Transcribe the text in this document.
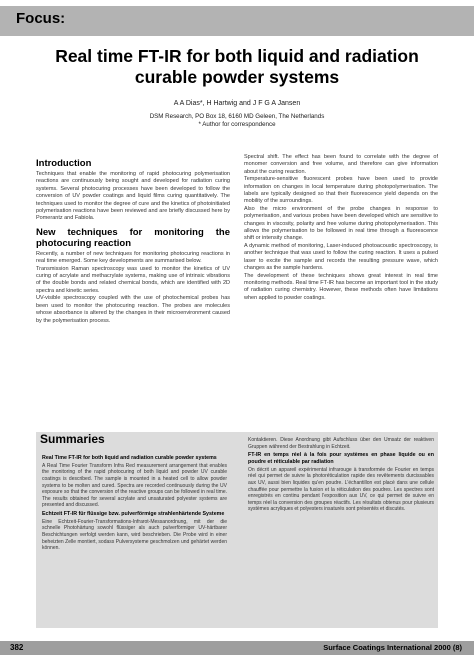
Focus:
Real time FT-IR for both liquid and radiation curable powder systems
A A Dias*, H Hartwig and J F G A Jansen
DSM Research, PO Box 18, 6160 MD Geleen, The Netherlands
* Author for correspondence
Introduction

Techniques that enable the monitoring of rapid photocuring polymerisation reactions are continuously being sought and developed for radiation curing systems. Several photocuring processes have been developed to follow the conversion of UV powder coatings and liquid films curing quantitatively. The techniques used to monitor the degree of cure and the kinetics of photoinitiated polymerisation reactions have been reviewed and are briefly discussed here by Pomerantz and Fabiola.

New techniques for monitoring the photocuring reaction

Recently, a number of new techniques for monitoring photocuring reactions in real time emerged. Some key developments are summarised below.

Transmission Raman spectroscopy was used to monitor the kinetics of UV curing of acrylate and methacrylate systems, making use of intrinsic vibrations of the double bonds and related chemical bonds, which are identified with 2D spectra and kinetic series.

UV-visible spectroscopy coupled with the use of photochemical probes has been used to monitor the photocuring reaction. The probes are molecules whose absorbance is altered by the changes in their microenvironment caused by the polymerisation process.

Spectral shift. The effect has been found to correlate with the degree of monomer conversion and free volume, and therefore can give information about the curing reaction.

Temperature-sensitive fluorescent probes have been used to provide information on changes in local temperature during photopolymerisation. The labels are typically designed so that their fluorescence yield depends on the mobility of the surroundings.

Also the micro environment of the probe changes in response to polymerisation, and various probes have been developed which are sensitive to changes in viscosity, polarity and free volume during photopolymerisation. This allows the polymerisation to be followed in real time through a fluorescence shift or intensity change.

A dynamic method of monitoring, Laser-induced photoacoustic spectroscopy, is another technique that was used to follow the curing reaction. It uses a pulsed laser to excite the sample and records the resulting pressure wave, which changes as the sample hardens.

The development of these techniques shows great interest in real time monitoring methods. Real time FT-IR has become an important tool in the study of radiation curing chemistry. However, these methods often have limitations when applied to powder coatings.

Summaries
Real Time FT-IR for both liquid and radiation curable powder systems

A Real Time Fourier Transform Infra Red measurement arrangement that enables the monitoring of the rapid photocuring of both liquid and powder UV curable coatings is described. The sample is mounted in a heated cell to allow powder systems to be molten and cured. Spectra are recorded continuously during the UV exposure so that the conversion of the reactive groups can be followed in real time. The results obtained for several acrylate and unsaturated polyester systems are presented and discussed.

Echtzeit FT-IR für flüssige bzw. pulverförmige strahlenhärtende Systeme

Eine Echtzeit-Fourier-Transformations-Infrarot-Messanordnung, mit der die schnelle Photohärtung sowohl flüssiger als auch pulverförmiger UV-härtbarer Beschichtungen verfolgt werden kann, wird beschrieben. Die Probe wird in einer beheizten Zelle montiert, sodass Pulversysteme geschmolzen und gehärtet werden können.

Kontaktieren. Diese Anordnung gibt Aufschluss über den Umsatz der reaktiven Gruppen während der Bestrahlung in Echtzeit.

FT-IR en temps réel à la fois pour systèmes en phase liquide ou en poudre et réticulable par radiation

On décrit un appareil expérimental infrarouge à transformée de Fourier en temps réel qui permet de suivre la photoréticulation rapide des revêtements durcissables aux UV, aussi bien liquides qu'en poudre. L'échantillon est placé dans une cellule chauffée pour permettre la fusion et la réticulation des poudres. Les spectres sont enregistrés en continu pendant l'exposition aux UV, ce qui permet de suivre en temps réel la conversion des groupes réactifs. Les résultats obtenus pour plusieurs systèmes acryliques et polyesters insaturés sont présentés et discutés.

382	Surface Coatings International 2000 (8)
